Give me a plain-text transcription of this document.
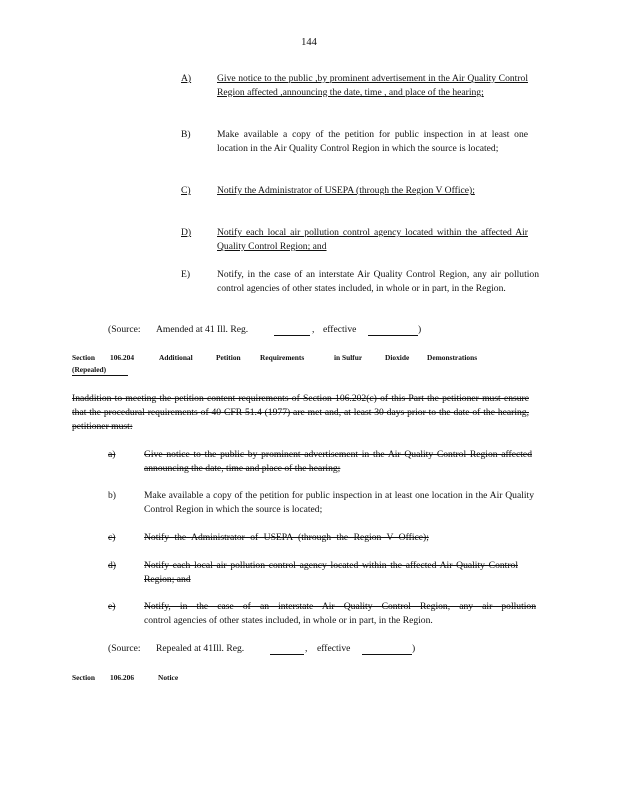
144
A)	Give notice to the public ,by prominent advertisement in the Air Quality Control Region affected ,announcing the date, time , and place of the hearing;
B)	Make available a copy of the petition for public inspection in at least one location in the Air Quality Control Region in which the source is located;
C)	Notify the Administrator of USEPA (through the Region V Office);
D)	Notify each local air pollution control agency located within the affected Air Quality Control Region; and
E)	Notify, in the case of an interstate Air Quality Control Region, any air pollution control agencies of other states included, in whole or in part, in the Region.
(Source: Amended at 41 Ill. Reg.	, effective	)
Section 106.204	Additional	Petition	Requirements	in Sulfur	Dioxide Demonstrations
(Repealed)
Inaddition to meeting the petition content requirements of Section 106.202(c) of this Part the petitioner must ensure that the procedural requirements of 40 CFR 51.4 (1977) are met and, at least 30 days prior to the date of the hearing, petitioner must:
a)	Give notice to the public by prominent advertisement in the Air Quality Control Region affected announcing the date, time and place of the hearing;
b)	Make available a copy of the petition for public inspection in at least one location in the Air Quality Control Region in which the source is located;
c)	Notify the Administrator of USEPA (through the Region V Office);
d)	Notify each local air pollution control agency located within the affected Air Quality Control Region; and
e)	Notify, in the case of an interstate Air Quality Control Region, any air pollution
control agencies of other states included, in whole or in part, in the Region.
(Source: Repealed at 41Ill. Reg.	, effective	)
Section 106.206	Notice
